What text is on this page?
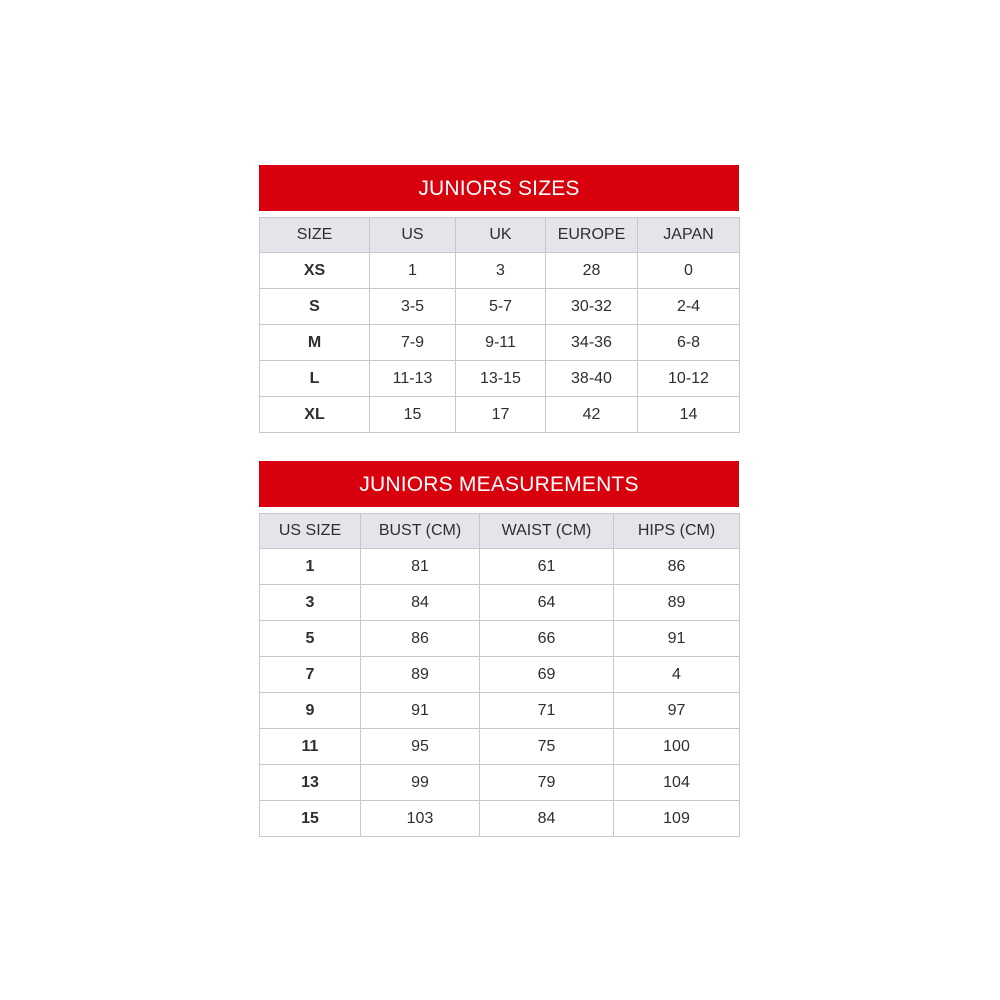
JUNIORS SIZES
SIZE	US	UK	EUROPE	JAPAN
XS	1	3	28	0
S	3-5	5-7	30-32	2-4
M	7-9	9-11	34-36	6-8
L	11-13	13-15	38-40	10-12
XL	15	17	42	14
JUNIORS MEASUREMENTS
US SIZE	BUST (CM)	WAIST (CM)	HIPS (CM)
1	81	61	86
3	84	64	89
5	86	66	91
7	89	69	4
9	91	71	97
11	95	75	100
13	99	79	104
15	103	84	109
